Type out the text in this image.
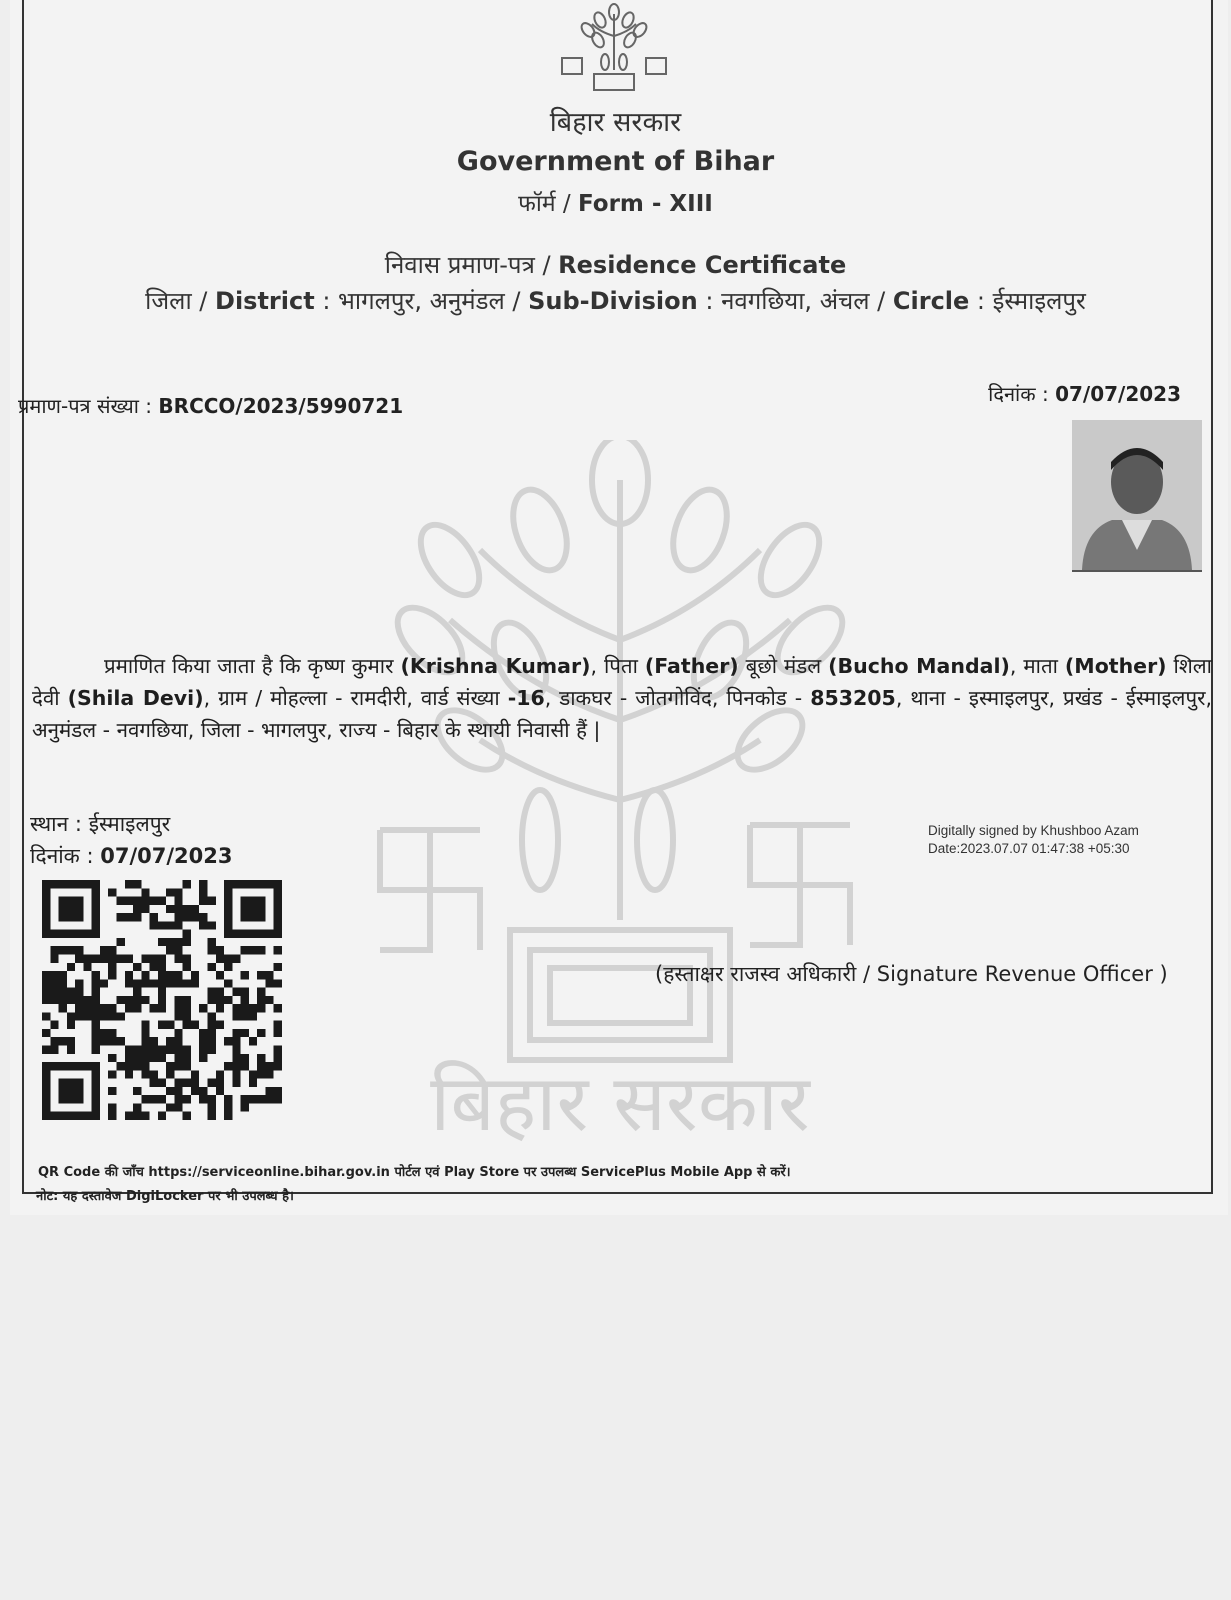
बिहार सरकार
बिहार सरकार
Government of Bihar
फॉर्म / Form - XIII
निवास प्रमाण-पत्र / Residence Certificate
जिला / District : भागलपुर, अनुमंडल / Sub-Division : नवगछिया, अंचल / Circle : ईस्माइलपुर
प्रमाण-पत्र संख्या : BRCCO/2023/5990721	दिनांक : 07/07/2023
प्रमाणित किया जाता है कि कृष्ण कुमार (Krishna Kumar), पिता (Father) बूछो मंडल (Bucho Mandal), माता (Mother) शिला देवी (Shila Devi), ग्राम / मोहल्ला - रामदीरी, वार्ड संख्या -16, डाकघर - जोतगोविंद, पिनकोड - 853205, थाना - इस्माइलपुर, प्रखंड - ईस्माइलपुर, अनुमंडल - नवगछिया, जिला - भागलपुर, राज्य - बिहार के स्थायी निवासी हैं |
स्थान : ईस्माइलपुर
दिनांक : 07/07/2023
Digitally signed by Khushboo Azam
Date:2023.07.07 01:47:38 +05:30
(हस्ताक्षर राजस्व अधिकारी / Signature Revenue Officer )
QR Code की जाँच https://serviceonline.bihar.gov.in पोर्टल एवं Play Store पर उपलब्ध ServicePlus Mobile App से करें।
नोट: यह दस्तावेज DigiLocker पर भी उपलब्ध है।
